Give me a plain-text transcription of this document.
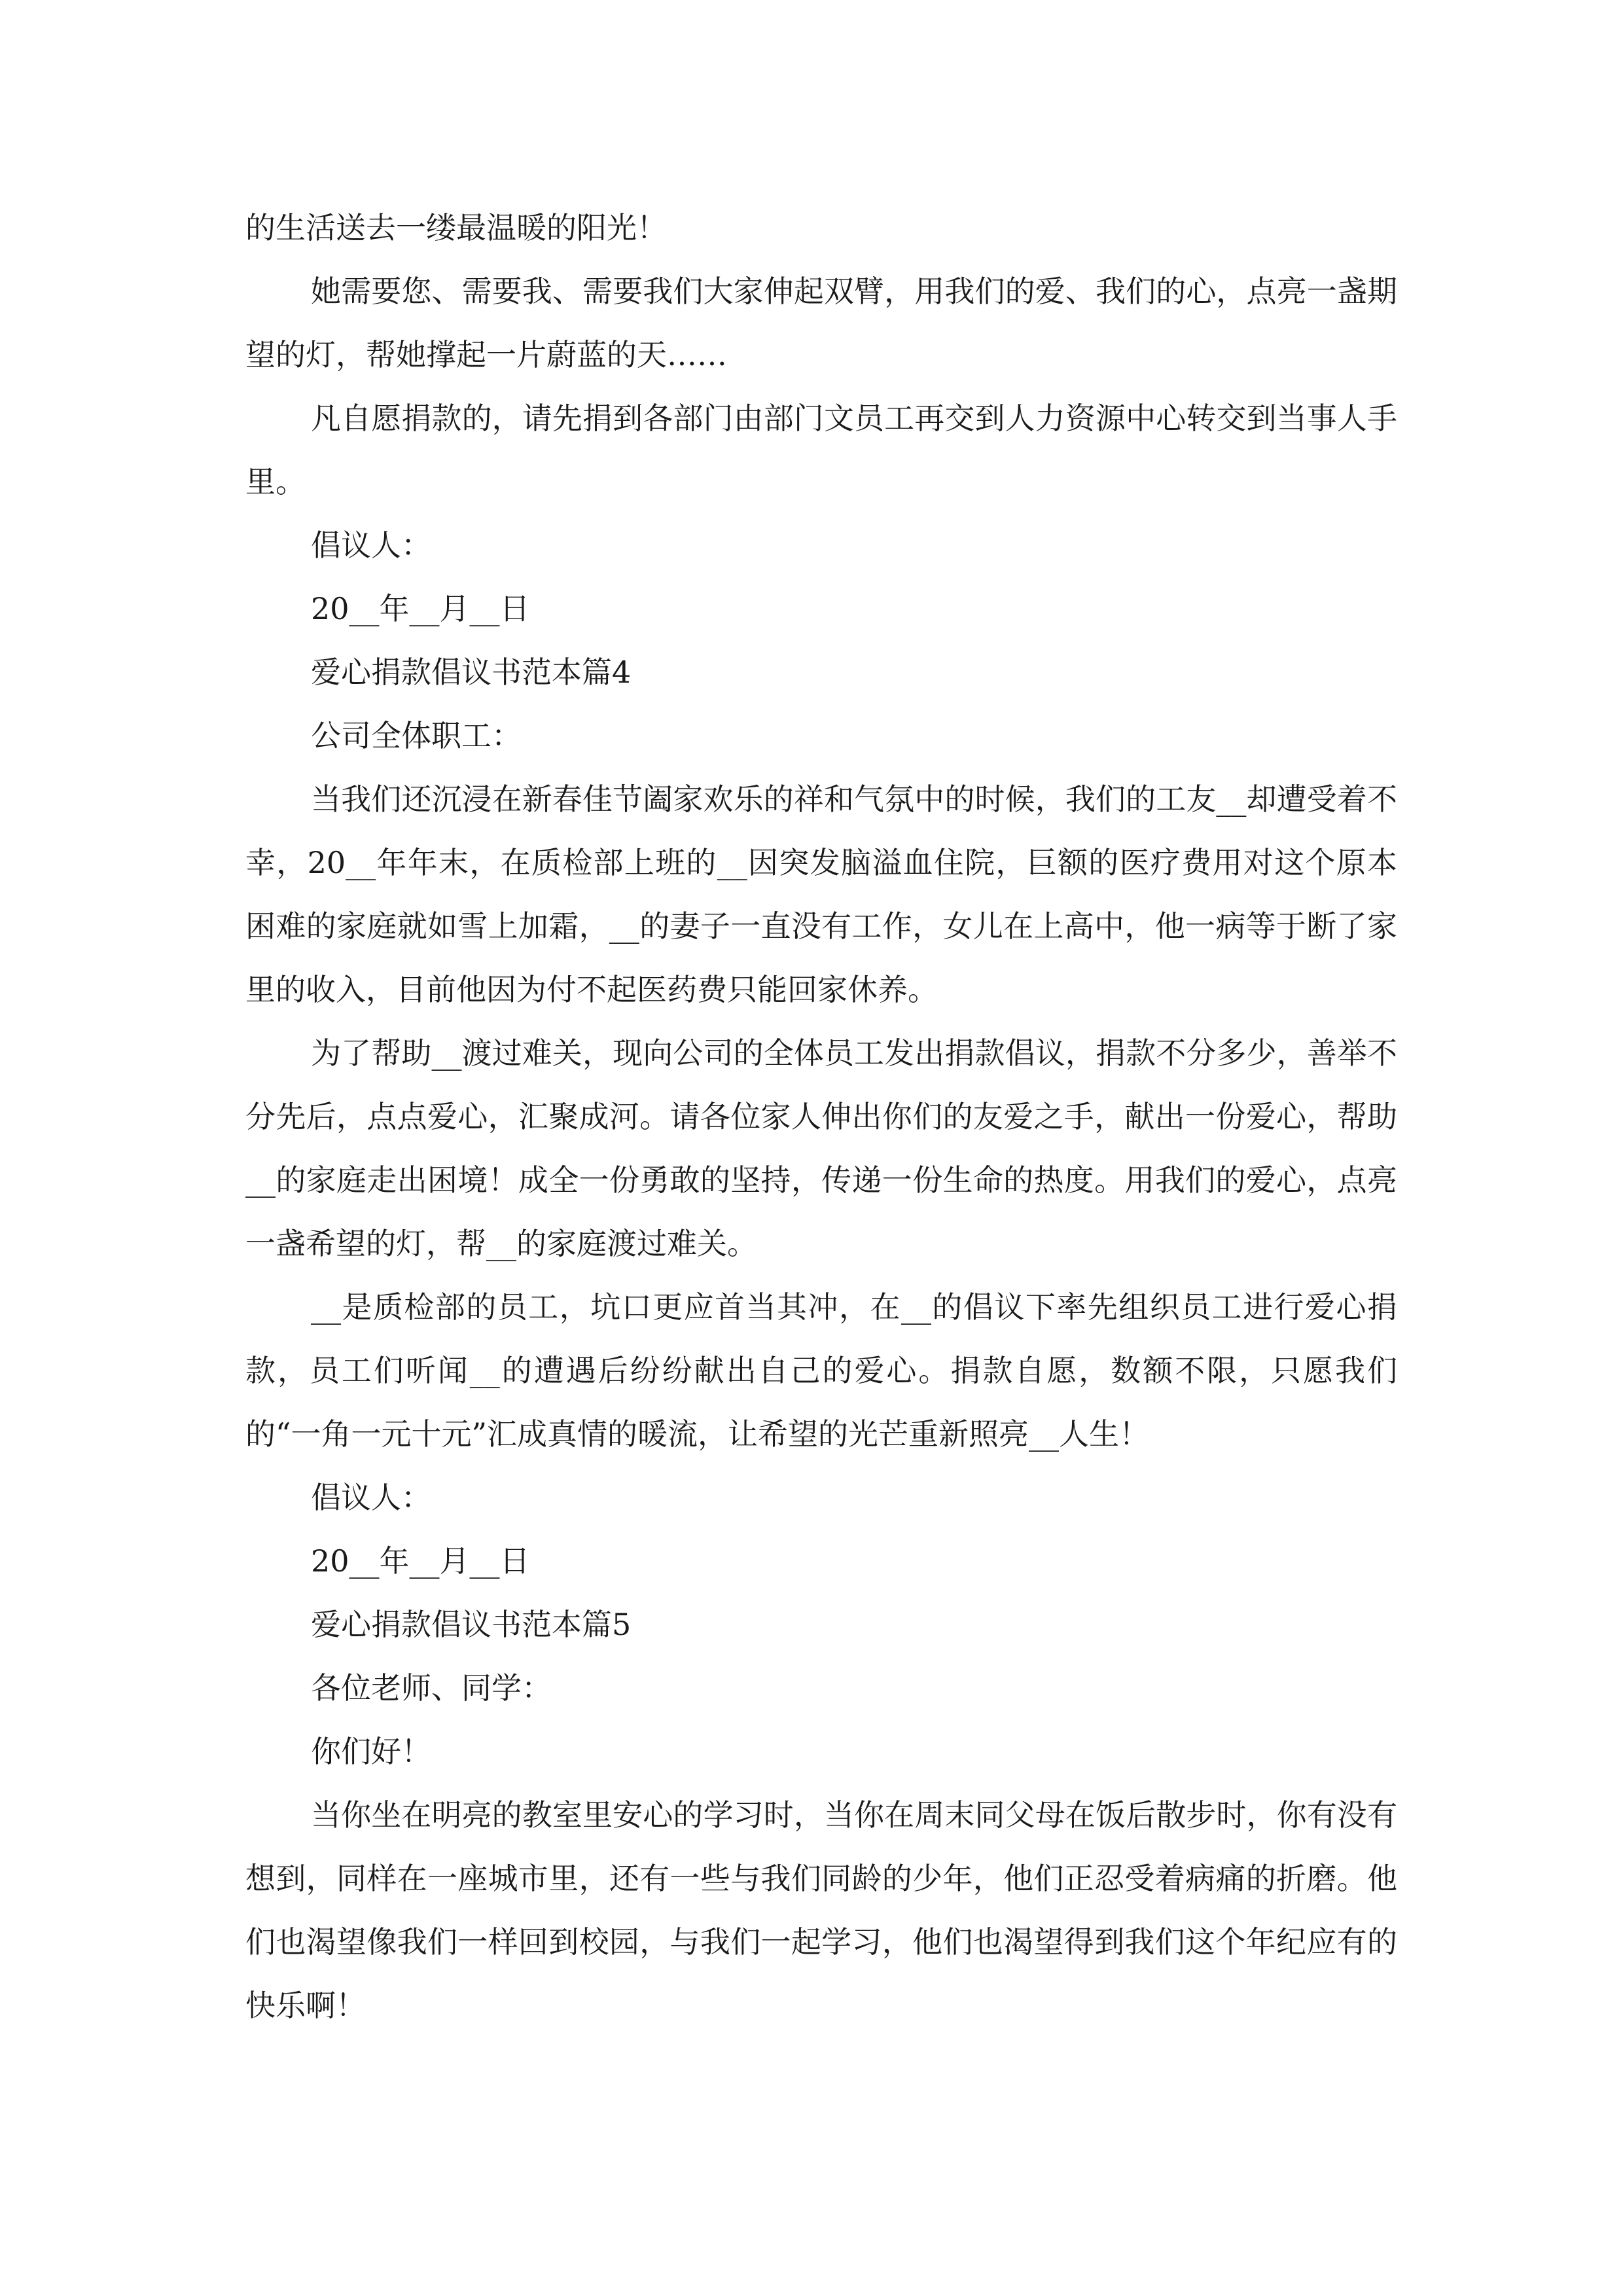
的生活送去一缕最温暖的阳光！

她需要您、需要我、需要我们大家伸起双臂，用我们的爱、我们的心，点亮一盏期望的灯，帮她撑起一片蔚蓝的天……

凡自愿捐款的，请先捐到各部门由部门文员工再交到人力资源中心转交到当事人手里。

倡议人：

20__年__月__日

爱心捐款倡议书范本篇4

公司全体职工：

当我们还沉浸在新春佳节阖家欢乐的祥和气氛中的时候，我们的工友__却遭受着不幸，20__年年末，在质检部上班的__因突发脑溢血住院，巨额的医疗费用对这个原本困难的家庭就如雪上加霜，__的妻子一直没有工作，女儿在上高中，他一病等于断了家里的收入，目前他因为付不起医药费只能回家休养。

为了帮助__渡过难关，现向公司的全体员工发出捐款倡议，捐款不分多少，善举不分先后，点点爱心，汇聚成河。请各位家人伸出你们的友爱之手，献出一份爱心，帮助__的家庭走出困境！成全一份勇敢的坚持，传递一份生命的热度。用我们的爱心，点亮一盏希望的灯，帮__的家庭渡过难关。

__是质检部的员工，坑口更应首当其冲，在__的倡议下率先组织员工进行爱心捐款，员工们听闻__的遭遇后纷纷献出自己的爱心。捐款自愿，数额不限，只愿我们的“一角一元十元”汇成真情的暖流，让希望的光芒重新照亮__人生！

倡议人：

20__年__月__日

爱心捐款倡议书范本篇5

各位老师、同学：

你们好！

当你坐在明亮的教室里安心的学习时，当你在周末同父母在饭后散步时，你有没有想到，同样在一座城市里，还有一些与我们同龄的少年，他们正忍受着病痛的折磨。他们也渴望像我们一样回到校园，与我们一起学习，他们也渴望得到我们这个年纪应有的快乐啊！
